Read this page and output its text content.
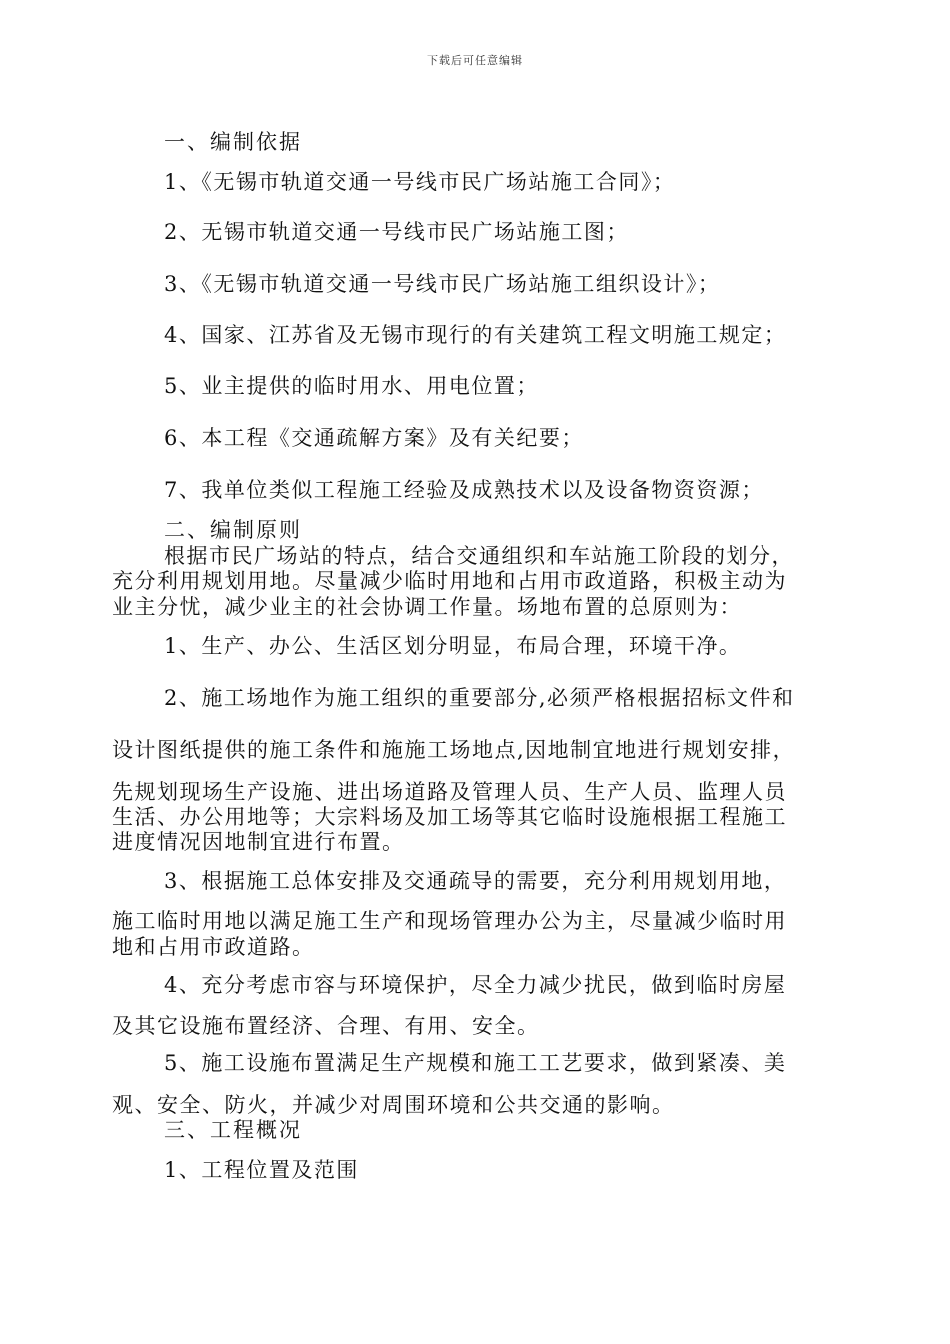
下载后可任意编辑
一、编制依据
1、《无锡市轨道交通一号线市民广场站施工合同》；
2、无锡市轨道交通一号线市民广场站施工图；
3、《无锡市轨道交通一号线市民广场站施工组织设计》；
4、国家、江苏省及无锡市现行的有关建筑工程文明施工规定；
5、业主提供的临时用水、用电位置；
6、本工程《交通疏解方案》及有关纪要；
7、我单位类似工程施工经验及成熟技术以及设备物资资源；
二、编制原则
根据市民广场站的特点，结合交通组织和车站施工阶段的划分，
充分利用规划用地。尽量减少临时用地和占用市政道路，积极主动为
业主分忧，减少业主的社会协调工作量。场地布置的总原则为：
1、生产、办公、生活区划分明显，布局合理，环境干净。
2、施工场地作为施工组织的重要部分,必须严格根据招标文件和
设计图纸提供的施工条件和施施工场地点,因地制宜地进行规划安排，
先规划现场生产设施、进出场道路及管理人员、生产人员、监理人员
生活、办公用地等；大宗料场及加工场等其它临时设施根据工程施工
进度情况因地制宜进行布置。
3、根据施工总体安排及交通疏导的需要，充分利用规划用地，
施工临时用地以满足施工生产和现场管理办公为主，尽量减少临时用
地和占用市政道路。
4、充分考虑市容与环境保护，尽全力减少扰民，做到临时房屋
及其它设施布置经济、合理、有用、安全。
5、施工设施布置满足生产规模和施工工艺要求，做到紧凑、美
观、安全、防火，并减少对周围环境和公共交通的影响。
三、工程概况
1、工程位置及范围
